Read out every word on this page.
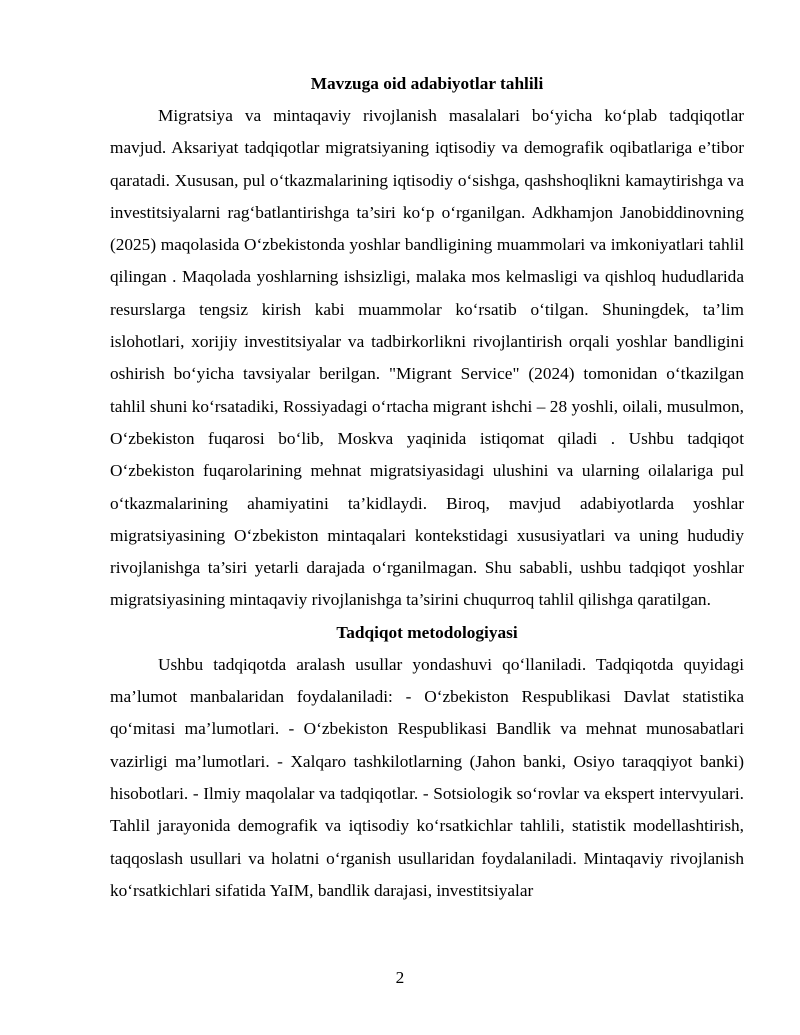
Mavzuga oid adabiyotlar tahlili

Migratsiya va mintaqaviy rivojlanish masalalari bo‘yicha ko‘plab tadqiqotlar mavjud. Aksariyat tadqiqotlar migratsiyaning iqtisodiy va demografik oqibatlariga e’tibor qaratadi. Xususan, pul o‘tkazmalarining iqtisodiy o‘sishga, qashshoqlikni kamaytirishga va investitsiyalarni rag‘batlantirishga ta’siri ko‘p o‘rganilgan. Adkhamjon Janobiddinovning (2025) maqolasida O‘zbekistonda yoshlar bandligining muammolari va imkoniyatlari tahlil qilingan . Maqolada yoshlarning ishsizligi, malaka mos kelmasligi va qishloq hududlarida resurslarga tengsiz kirish kabi muammolar ko‘rsatib o‘tilgan. Shuningdek, ta’lim islohotlari, xorijiy investitsiyalar va tadbirkorlikni rivojlantirish orqali yoshlar bandligini oshirish bo‘yicha tavsiyalar berilgan. "Migrant Service" (2024) tomonidan o‘tkazilgan tahlil shuni ko‘rsatadiki, Rossiyadagi o‘rtacha migrant ishchi – 28 yoshli, oilali, musulmon, O‘zbekiston fuqarosi bo‘lib, Moskva yaqinida istiqomat qiladi . Ushbu tadqiqot O‘zbekiston fuqarolarining mehnat migratsiyasidagi ulushini va ularning oilalariga pul o‘tkazmalarining ahamiyatini ta’kidlaydi. Biroq, mavjud adabiyotlarda yoshlar migratsiyasining O‘zbekiston mintaqalari kontekstidagi xususiyatlari va uning hududiy rivojlanishga ta’siri yetarli darajada o‘rganilmagan. Shu sababli, ushbu tadqiqot yoshlar migratsiyasining mintaqaviy rivojlanishga ta’sirini chuqurroq tahlil qilishga qaratilgan.

Tadqiqot metodologiyasi

Ushbu tadqiqotda aralash usullar yondashuvi qo‘llaniladi. Tadqiqotda quyidagi ma’lumot manbalaridan foydalaniladi: - O‘zbekiston Respublikasi Davlat statistika qo‘mitasi ma’lumotlari. - O‘zbekiston Respublikasi Bandlik va mehnat munosabatlari vazirligi ma’lumotlari. - Xalqaro tashkilotlarning (Jahon banki, Osiyo taraqqiyot banki) hisobotlari. - Ilmiy maqolalar va tadqiqotlar. - Sotsiologik so‘rovlar va ekspert intervyulari. Tahlil jarayonida demografik va iqtisodiy ko‘rsatkichlar tahlili, statistik modellashtirish, taqqoslash usullari va holatni o‘rganish usullaridan foydalaniladi. Mintaqaviy rivojlanish ko‘rsatkichlari sifatida YaIM, bandlik darajasi, investitsiyalar

2
